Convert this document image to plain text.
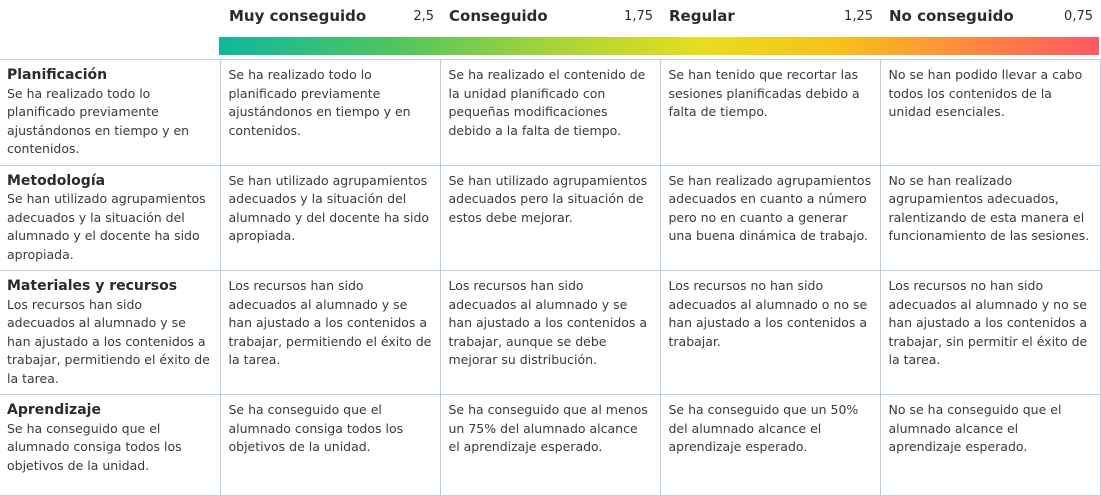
Muy conseguido	2,5 Conseguido	1,75 Regular	1,25 No conseguido	0,75
Planificación
Se ha realizado todo lo planificado previamente ajustándonos en tiempo y en contenidos.	Se ha realizado todo lo planificado previamente ajustándonos en tiempo y en contenidos.	Se ha realizado el contenido de la unidad planificado con pequeñas modificaciones debido a la falta de tiempo.	Se han tenido que recortar las sesiones planificadas debido a falta de tiempo.	No se han podido llevar a cabo todos los contenidos de la unidad esenciales.
Metodología
Se han utilizado agrupamientos adecuados y la situación del alumnado y el docente ha sido apropiada.	Se han utilizado agrupamientos adecuados y la situación del alumnado y del docente ha sido apropiada.	Se han utilizado agrupamientos adecuados pero la situación de estos debe mejorar.	Se han realizado agrupamientos adecuados en cuanto a número pero no en cuanto a generar una buena dinámica de trabajo.	No se han realizado agrupamientos adecuados, ralentizando de esta manera el funcionamiento de las sesiones.
Materiales y recursos
Los recursos han sido adecuados al alumnado y se han ajustado a los contenidos a trabajar, permitiendo el éxito de la tarea.	Los recursos han sido adecuados al alumnado y se han ajustado a los contenidos a trabajar, permitiendo el éxito de la tarea.	Los recursos han sido adecuados al alumnado y se han ajustado a los contenidos a trabajar, aunque se debe mejorar su distribución.	Los recursos no han sido adecuados al alumnado o no se han ajustado a los contenidos a trabajar.	Los recursos no han sido adecuados al alumnado y no se han ajustado a los contenidos a trabajar, sin permitir el éxito de la tarea.
Aprendizaje
Se ha conseguido que el alumnado consiga todos los objetivos de la unidad.	Se ha conseguido que el alumnado consiga todos los objetivos de la unidad.	Se ha conseguido que al menos un 75% del alumnado alcance el aprendizaje esperado.	Se ha conseguido que un 50% del alumnado alcance el aprendizaje esperado.	No se ha conseguido que el alumnado alcance el aprendizaje esperado.
